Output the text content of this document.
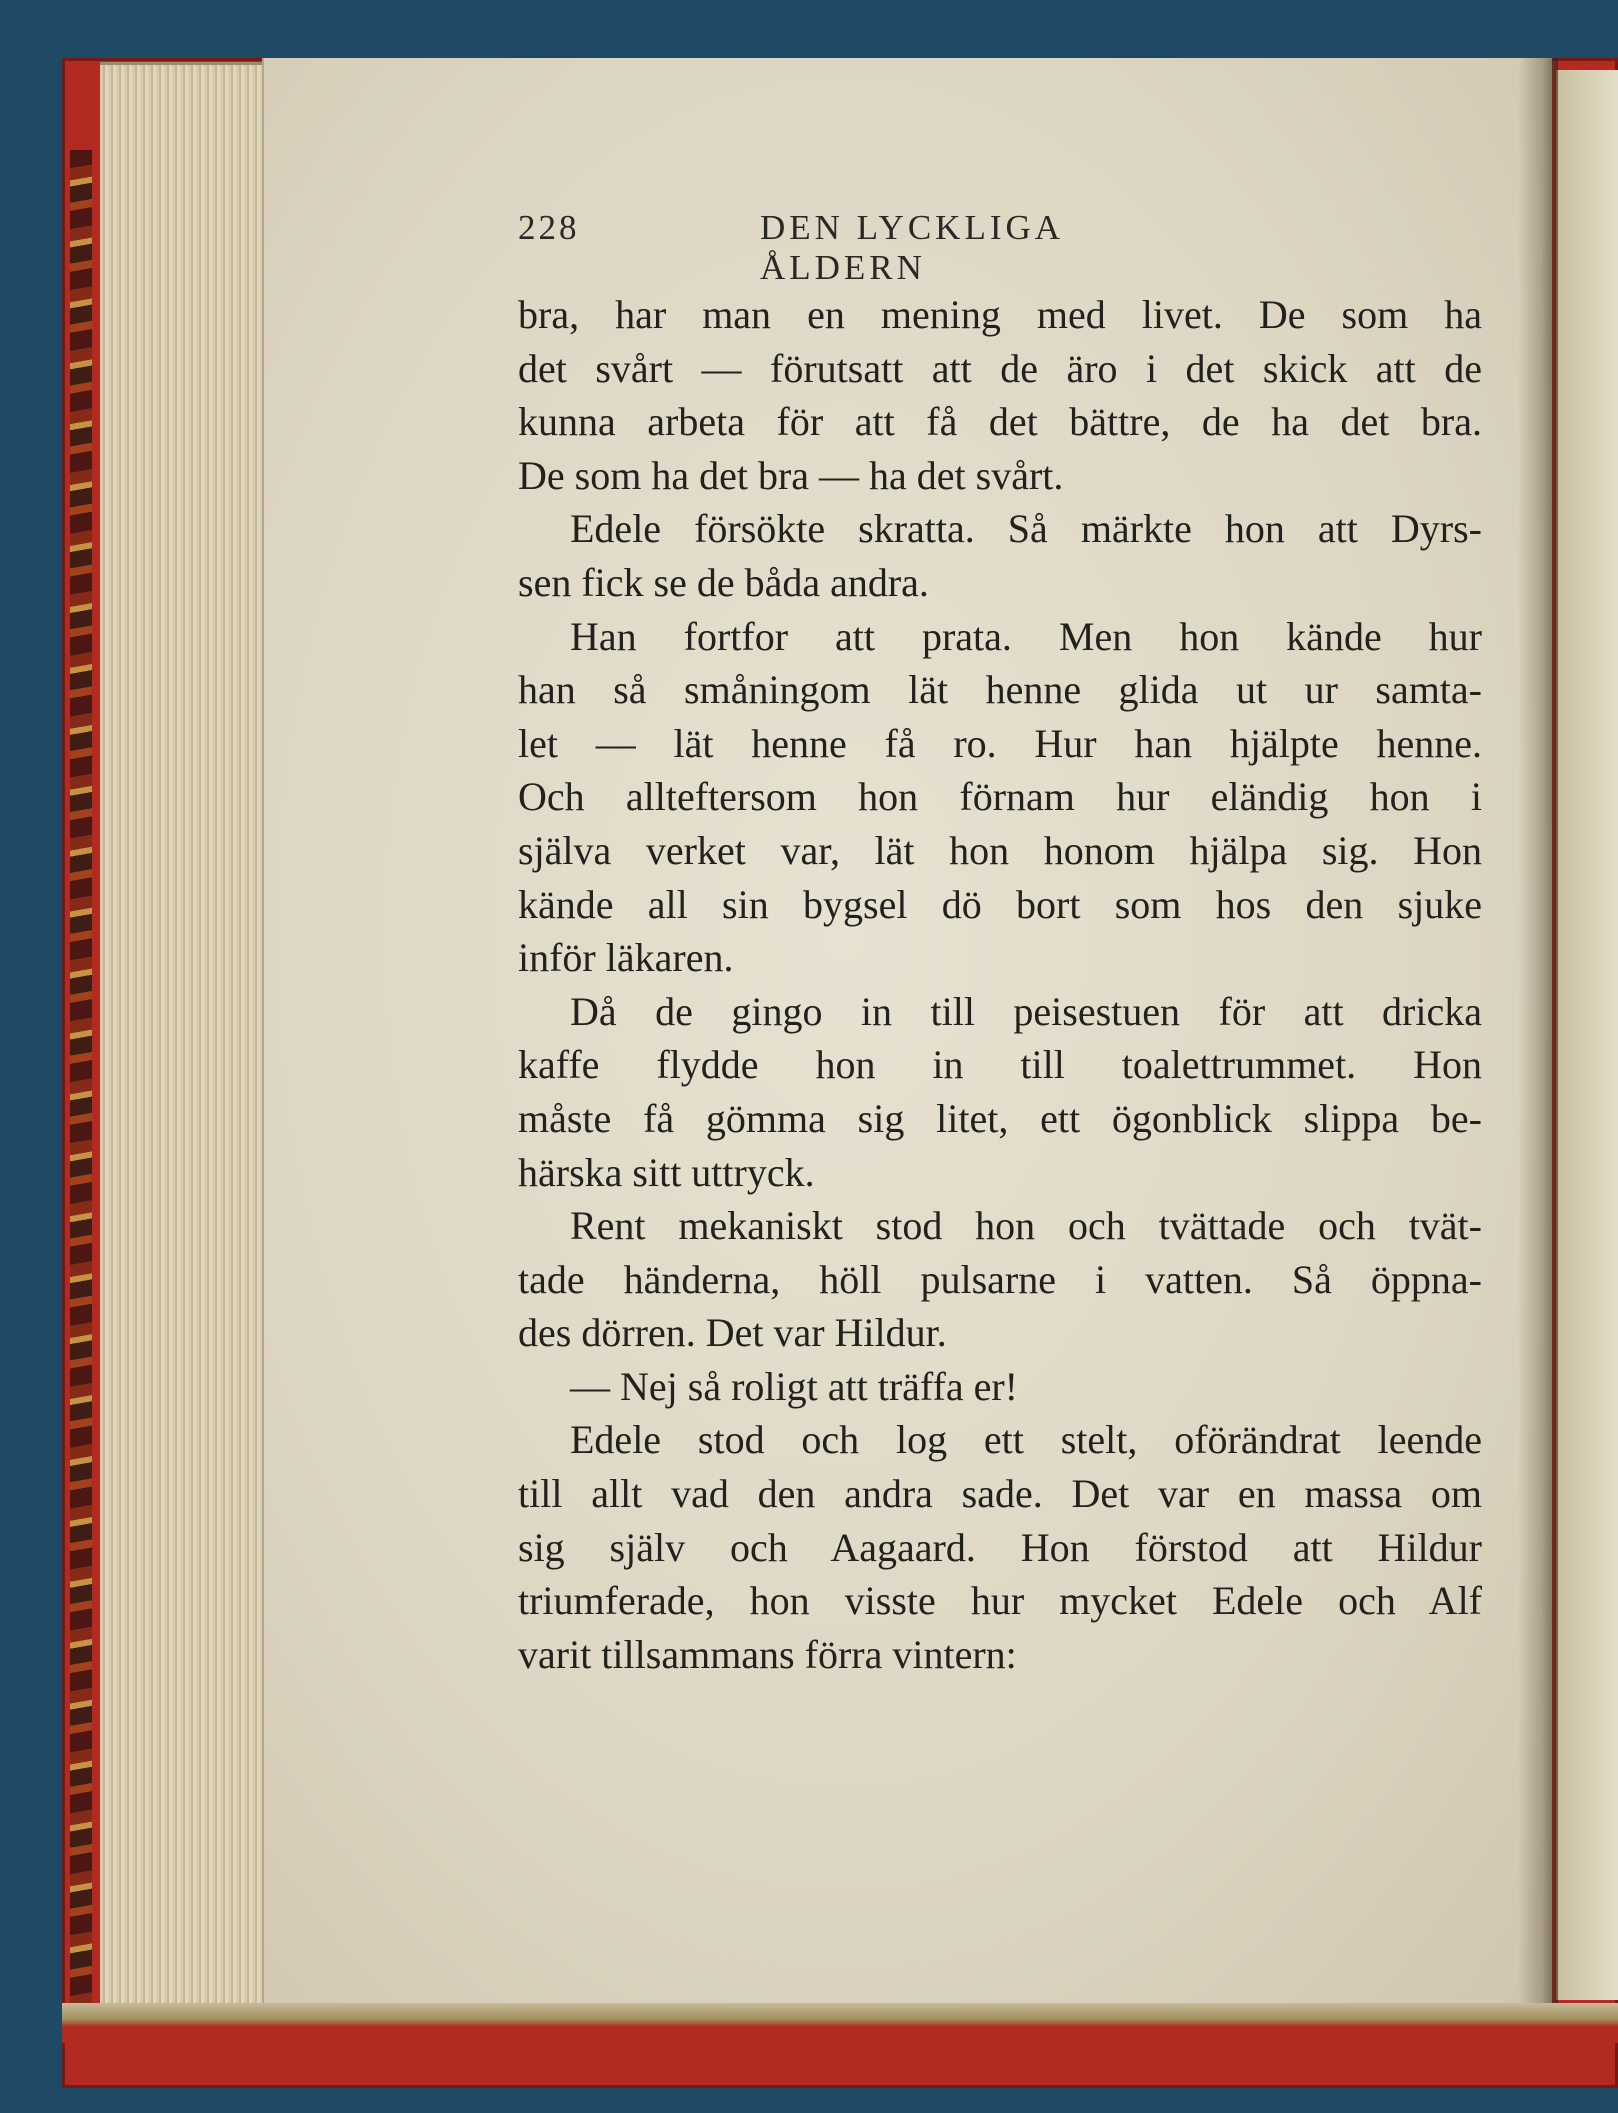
228	DEN LYCKLIGA ÅLDERN
bra, har man en mening med livet. De som ha
det svårt — förutsatt att de äro i det skick att de
kunna arbeta för att få det bättre, de ha det bra.
De som ha det bra — ha det svårt.
Edele försökte skratta. Så märkte hon att Dyrs-
sen fick se de båda andra.
Han fortfor att prata. Men hon kände hur
han så småningom lät henne glida ut ur samta-
let — lät henne få ro. Hur han hjälpte henne.
Och allteftersom hon förnam hur eländig hon i
själva verket var, lät hon honom hjälpa sig. Hon
kände all sin bygsel dö bort som hos den sjuke
inför läkaren.
Då de gingo in till peisestuen för att dricka
kaffe flydde hon in till toalettrummet. Hon
måste få gömma sig litet, ett ögonblick slippa be-
härska sitt uttryck.
Rent mekaniskt stod hon och tvättade och tvät-
tade händerna, höll pulsarne i vatten. Så öppna-
des dörren. Det var Hildur.
— Nej så roligt att träffa er!
Edele stod och log ett stelt, oförändrat leende
till allt vad den andra sade. Det var en massa om
sig själv och Aagaard. Hon förstod att Hildur
triumferade, hon visste hur mycket Edele och Alf
varit tillsammans förra vintern:
